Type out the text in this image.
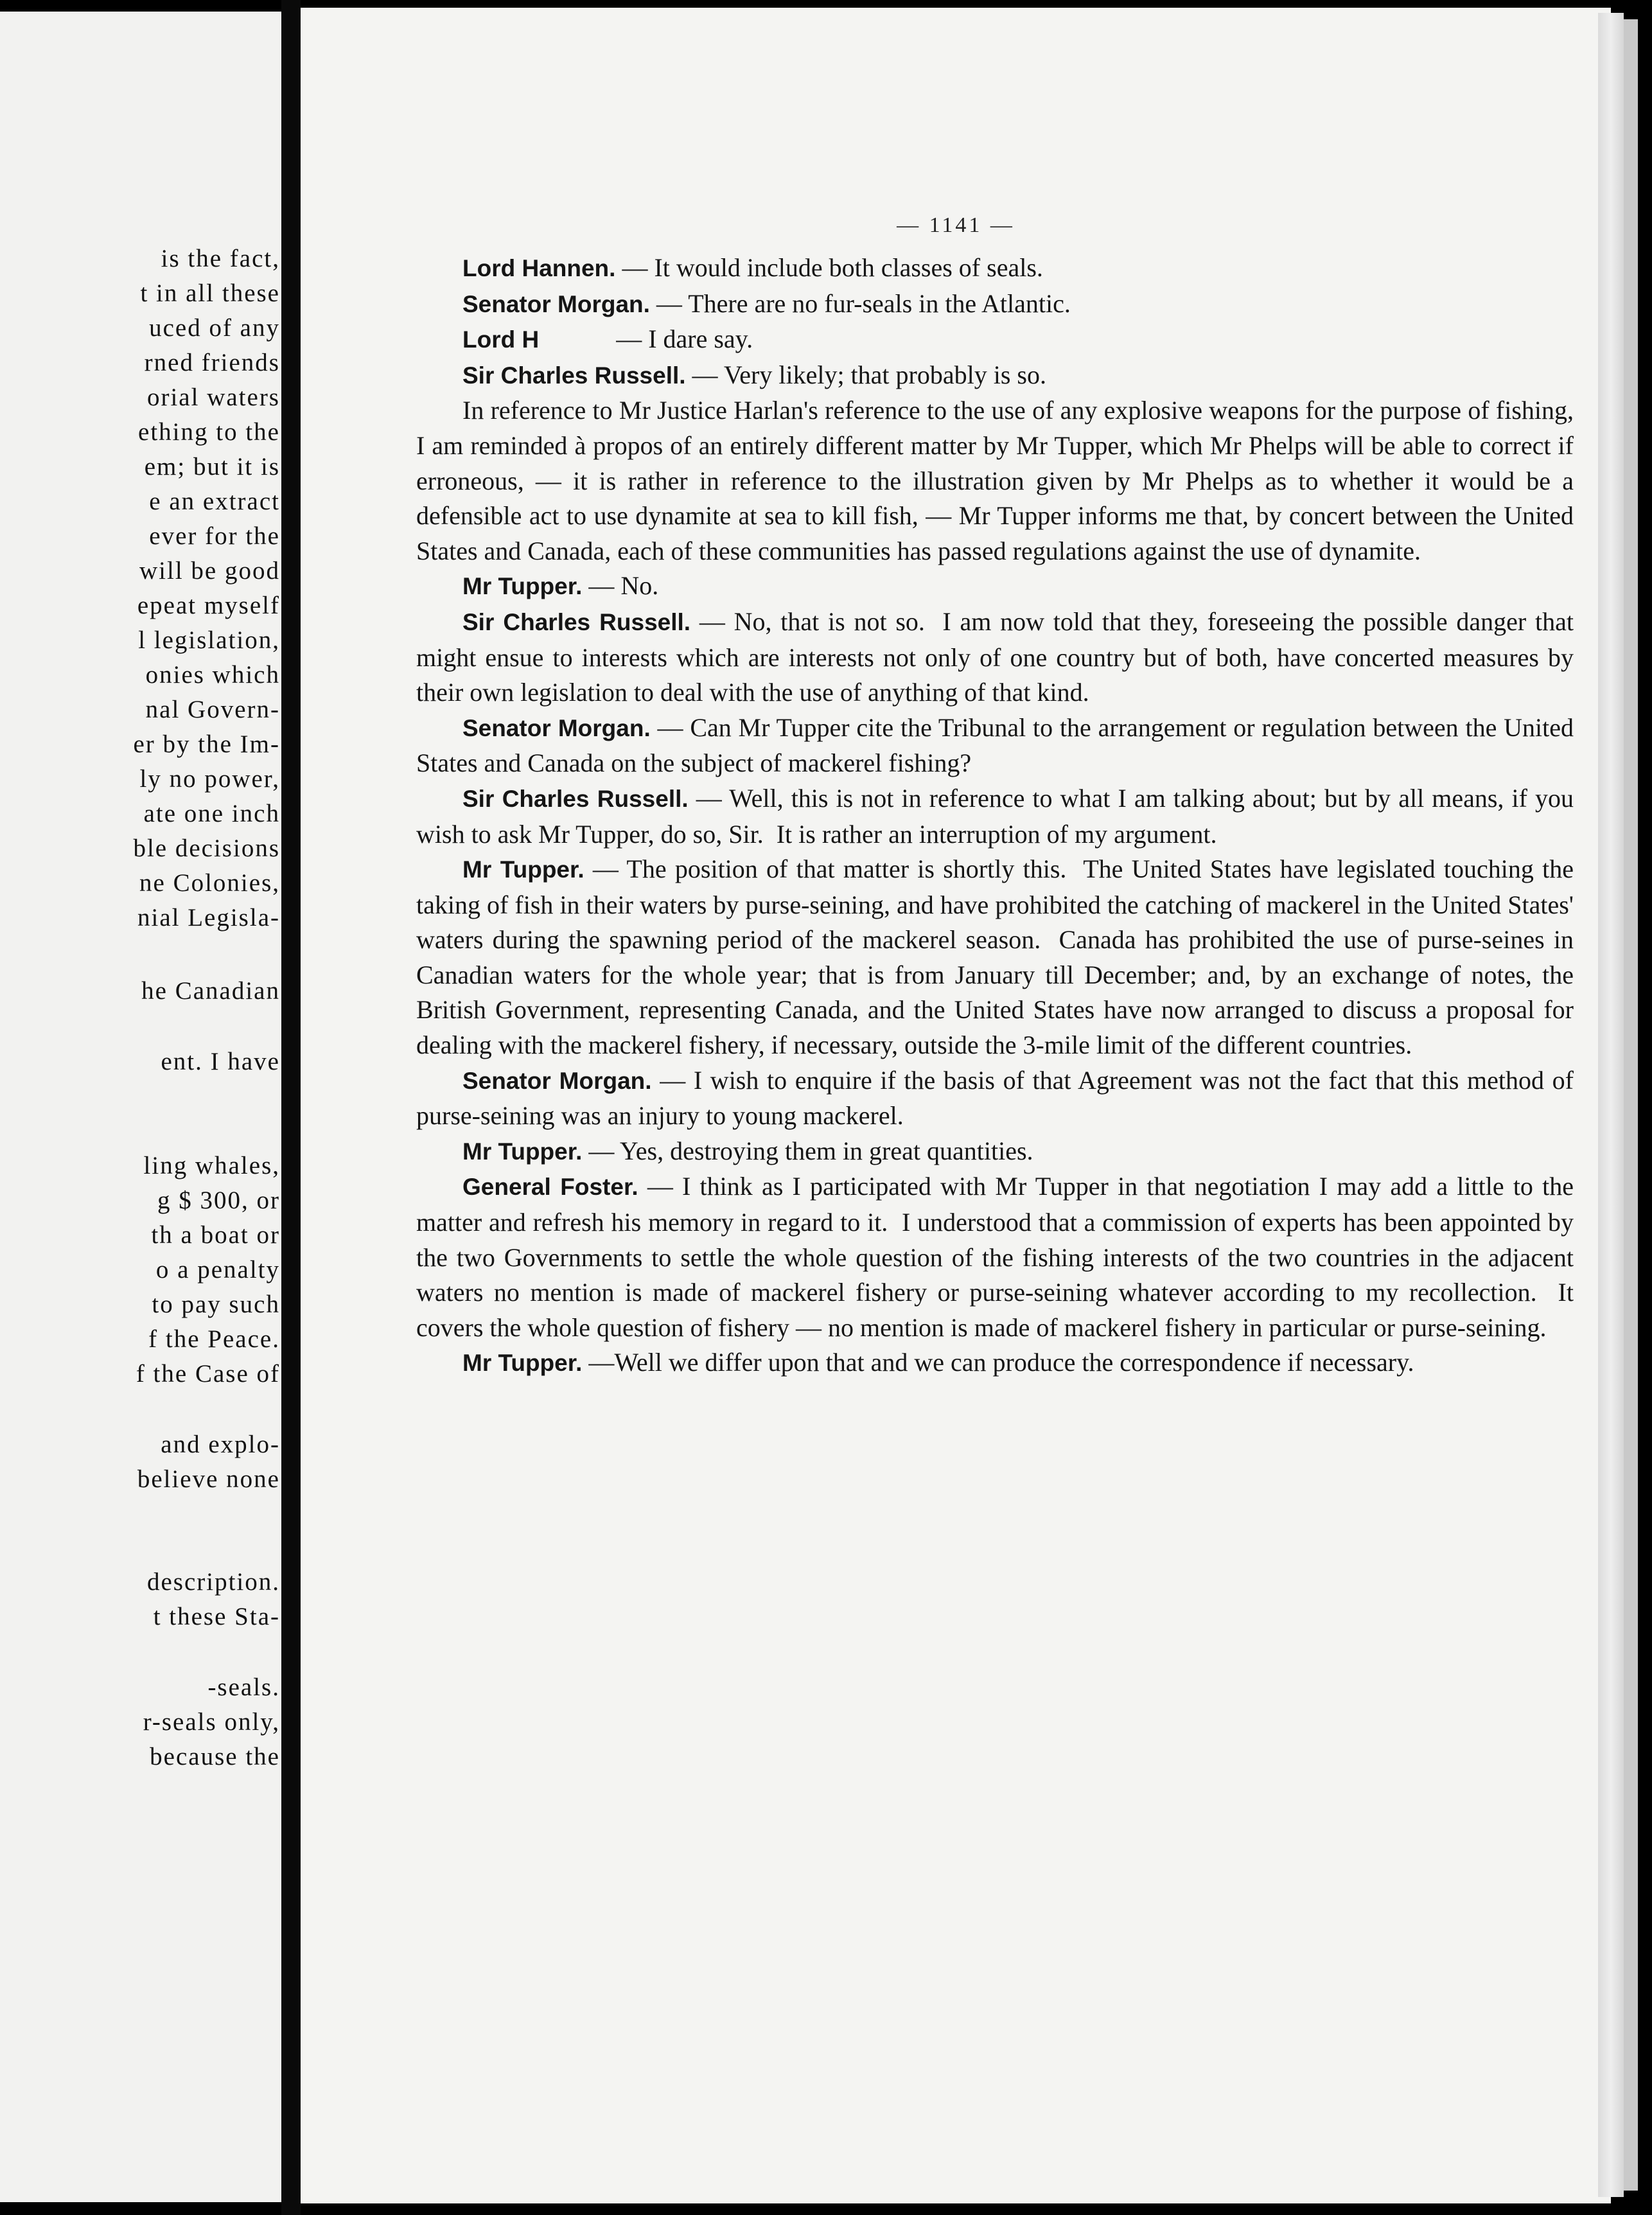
is the fact,
t in all these
uced of any
rned friends
orial waters
ething to the
em; but it is
e an extract
ever for the
will be good
epeat myself
l legislation,
onies which
nal Govern-
er by the Im-
ly no power,
ate one inch
ble decisions
ne Colonies,
nial Legisla-
he Canadian
ent. I have
ling whales,
g $ 300, or
th a boat or
o a penalty
to pay such
f the Peace.
f the Case of
and explo-
believe none
description.
t these Sta-
-seals.
r-seals only,
because the
— 1141 —

Lord Hannen. — It would include both classes of seals.

Senator Morgan. — There are no fur-seals in the Atlantic.

Lord H            — I dare say.

Sir Charles Russell. — Very likely; that probably is so.

In reference to Mr Justice Harlan's reference to the use of any explosive weapons for the purpose of fishing, I am reminded à propos of an entirely different matter by Mr Tupper, which Mr Phelps will be able to correct if erroneous, — it is rather in reference to the illustration given by Mr Phelps as to whether it would be a defensible act to use dynamite at sea to kill fish, — Mr Tupper informs me that, by concert between the United States and Canada, each of these communities has passed regulations against the use of dynamite.

Mr Tupper. — No.

Sir Charles Russell. — No, that is not so.  I am now told that they, foreseeing the possible danger that might ensue to interests which are interests not only of one country but of both, have concerted measures by their own legislation to deal with the use of anything of that kind.

Senator Morgan. — Can Mr Tupper cite the Tribunal to the arrangement or regulation between the United States and Canada on the subject of mackerel fishing?

Sir Charles Russell. — Well, this is not in reference to what I am talking about; but by all means, if you wish to ask Mr Tupper, do so, Sir.  It is rather an interruption of my argument.

Mr Tupper. — The position of that matter is shortly this.  The United States have legislated touching the taking of fish in their waters by purse-seining, and have prohibited the catching of mackerel in the United States' waters during the spawning period of the mackerel season.  Canada has prohibited the use of purse-seines in Canadian waters for the whole year; that is from January till December; and, by an exchange of notes, the British Government, representing Canada, and the United States have now arranged to discuss a proposal for dealing with the mackerel fishery, if necessary, outside the 3-mile limit of the different countries.

Senator Morgan. — I wish to enquire if the basis of that Agreement was not the fact that this method of purse-seining was an injury to young mackerel.

Mr Tupper. — Yes, destroying them in great quantities.

General Foster. — I think as I participated with Mr Tupper in that negotiation I may add a little to the matter and refresh his memory in regard to it.  I understood that a commission of experts has been appointed by the two Governments to settle the whole question of the fishing interests of the two countries in the adjacent waters no mention is made of mackerel fishery or purse-seining whatever according to my recollection.  It covers the whole question of fishery — no mention is made of mackerel fishery in particular or purse-seining.

Mr Tupper. —Well we differ upon that and we can produce the correspondence if necessary.
